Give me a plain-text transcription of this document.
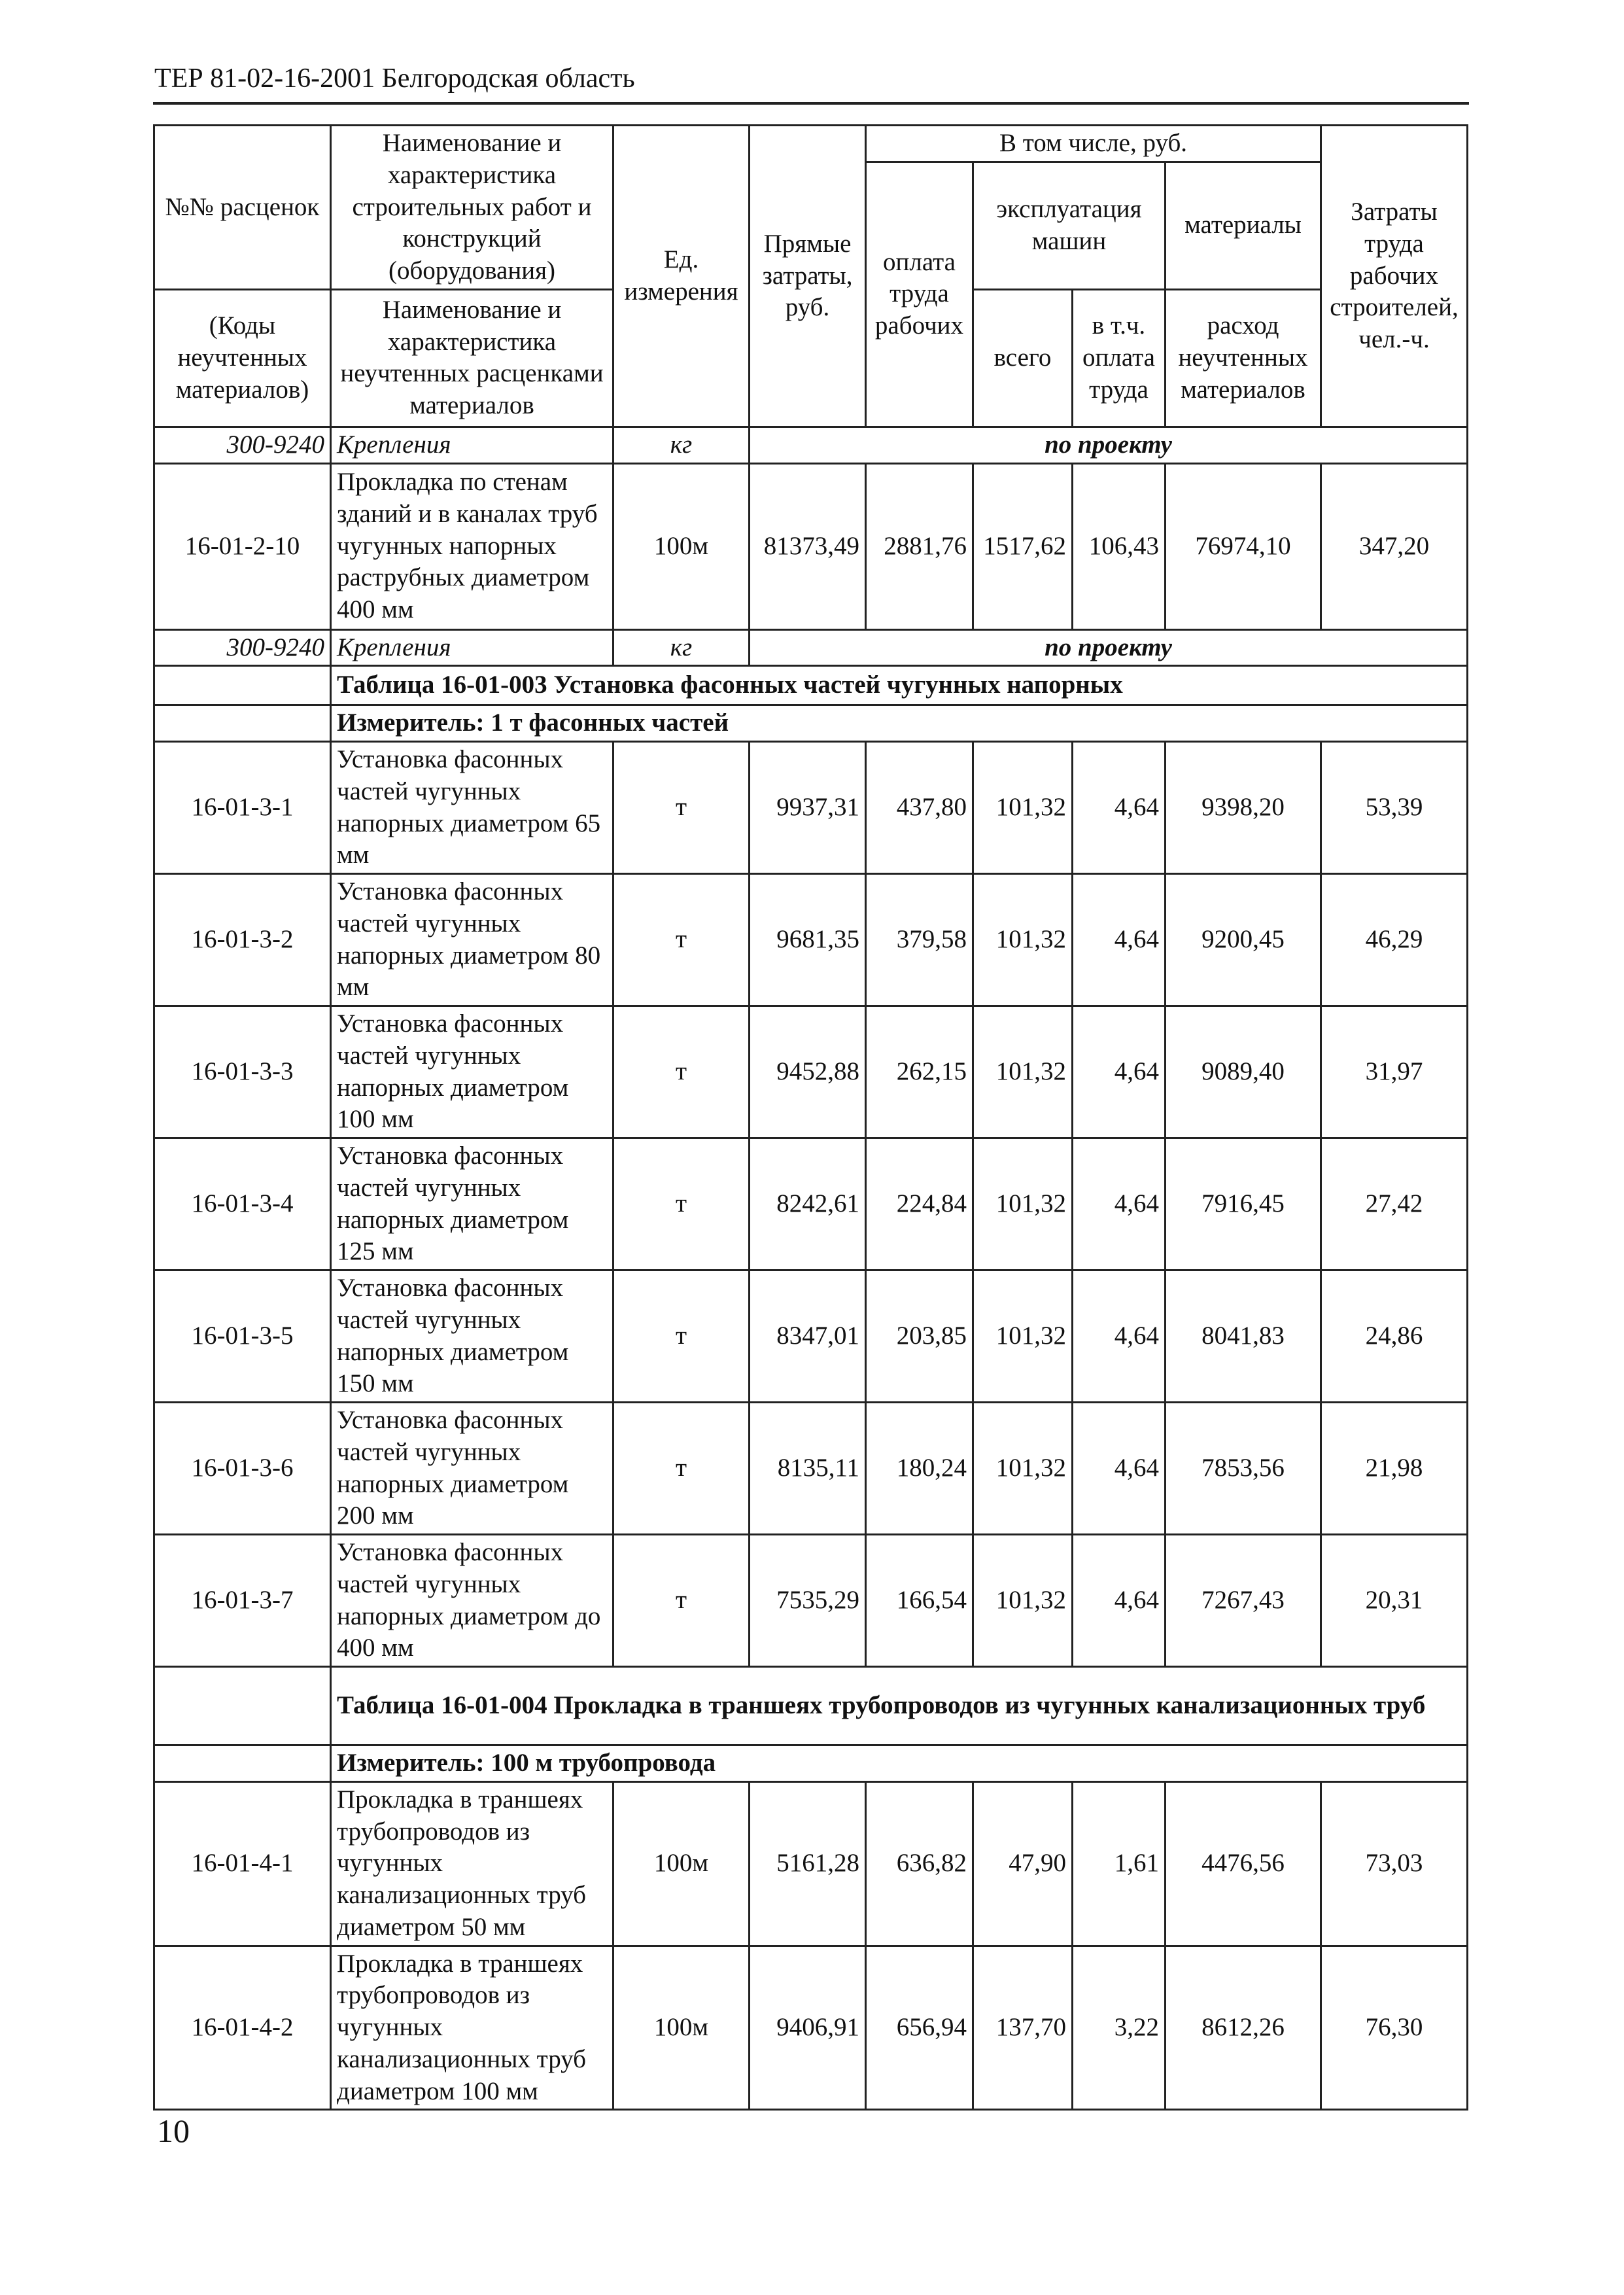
ТЕР 81-02-16-2001 Белгородская область
№№ расценок	Наименование и характеристика строительных работ и конструкций (оборудования)	Ед. измерения	Прямые затраты, руб.	В том числе, руб.				Затраты труда рабочих строителей, чел.-ч.
				оплата труда рабочих	эксплуатация машин		материалы	

(Коды неучтенных материалов)	Наименование и характеристика неучтенных расценками материалов				всего	в т.ч. оплата труда	расход неучтенных материалов	
300-9240	Крепления	кг	по проекту					
16-01-2-10	Прокладка по стенам зданий и в каналах труб чугунных напорных раструбных диаметром 400 мм	100м	81373,49	2881,76	1517,62	106,43	76974,10	347,20
300-9240	Крепления	кг	по проекту					
	Таблица 16-01-003 Установка фасонных частей чугунных напорных							
	Измеритель: 1 т фасонных частей							
16-01-3-1	Установка фасонных частей чугунных напорных диаметром 65 мм	т	9937,31	437,80	101,32	4,64	9398,20	53,39
16-01-3-2	Установка фасонных частей чугунных напорных диаметром 80 мм	т	9681,35	379,58	101,32	4,64	9200,45	46,29
16-01-3-3	Установка фасонных частей чугунных напорных диаметром 100 мм	т	9452,88	262,15	101,32	4,64	9089,40	31,97
16-01-3-4	Установка фасонных частей чугунных напорных диаметром 125 мм	т	8242,61	224,84	101,32	4,64	7916,45	27,42
16-01-3-5	Установка фасонных частей чугунных напорных диаметром 150 мм	т	8347,01	203,85	101,32	4,64	8041,83	24,86
16-01-3-6	Установка фасонных частей чугунных напорных диаметром 200 мм	т	8135,11	180,24	101,32	4,64	7853,56	21,98
16-01-3-7	Установка фасонных частей чугунных напорных диаметром до 400 мм	т	7535,29	166,54	101,32	4,64	7267,43	20,31
	Таблица 16-01-004 Прокладка в траншеях трубопроводов из чугунных канализационных труб							
	Измеритель: 100 м трубопровода							
16-01-4-1	Прокладка в траншеях трубопроводов из чугунных канализационных труб диаметром 50 мм	100м	5161,28	636,82	47,90	1,61	4476,56	73,03
16-01-4-2	Прокладка в траншеях трубопроводов из чугунных канализационных труб диаметром 100 мм	100м	9406,91	656,94	137,70	3,22	8612,26	76,30
10
